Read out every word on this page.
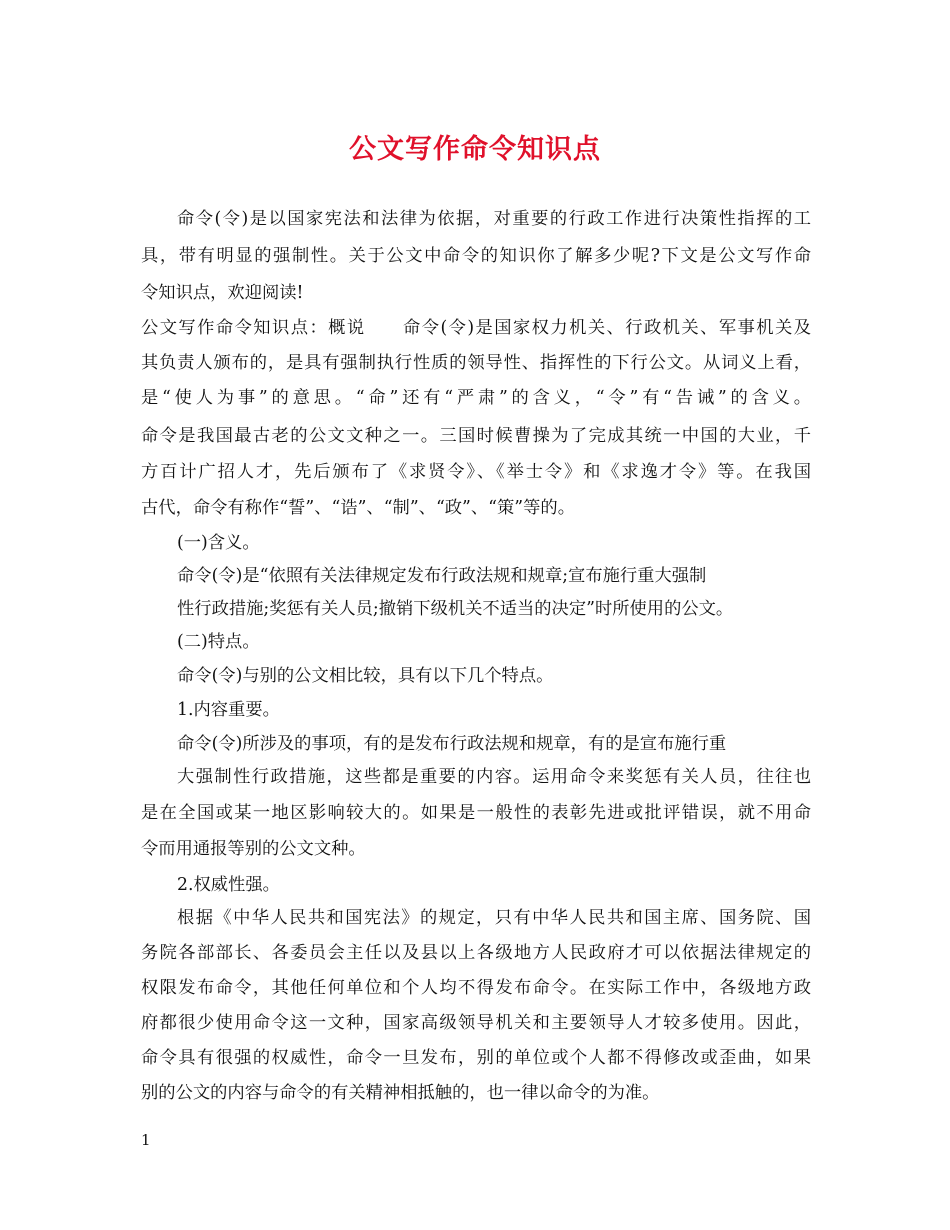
公文写作命令知识点
命令(令)是以国家宪法和法律为依据，对重要的行政工作进行决策性指挥的工
具，带有明显的强制性。关于公文中命令的知识你了解多少呢?下文是公文写作命
令知识点，欢迎阅读!
公文写作命令知识点：概说　　命令(令)是国家权力机关、行政机关、军事机关及
其负责人颁布的，是具有强制执行性质的领导性、指挥性的下行公文。从词义上看，
是“使人为事”的意思。“命”还有“严肃”的含义，“令”有“告诫”的含义。
命令是我国最古老的公文文种之一。三国时候曹操为了完成其统一中国的大业，千
方百计广招人才，先后颁布了《求贤令》、《举士令》和《求逸才令》等。在我国
古代，命令有称作“誓”、“诰”、“制”、“政”、“策”等的。
(一)含义。
命令(令)是“依照有关法律规定发布行政法规和规章;宣布施行重大强制
性行政措施;奖惩有关人员;撤销下级机关不适当的决定”时所使用的公文。
(二)特点。
命令(令)与别的公文相比较，具有以下几个特点。
1.内容重要。
命令(令)所涉及的事项，有的是发布行政法规和规章，有的是宣布施行重
大强制性行政措施，这些都是重要的内容。运用命令来奖惩有关人员，往往也
是在全国或某一地区影响较大的。如果是一般性的表彰先进或批评错误，就不用命
令而用通报等别的公文文种。
2.权威性强。
根据《中华人民共和国宪法》的规定，只有中华人民共和国主席、国务院、国
务院各部部长、各委员会主任以及县以上各级地方人民政府才可以依据法律规定的
权限发布命令，其他任何单位和个人均不得发布命令。在实际工作中，各级地方政
府都很少使用命令这一文种，国家高级领导机关和主要领导人才较多使用。因此，
命令具有很强的权威性，命令一旦发布，别的单位或个人都不得修改或歪曲，如果
别的公文的内容与命令的有关精神相抵触的，也一律以命令的为准。
1
